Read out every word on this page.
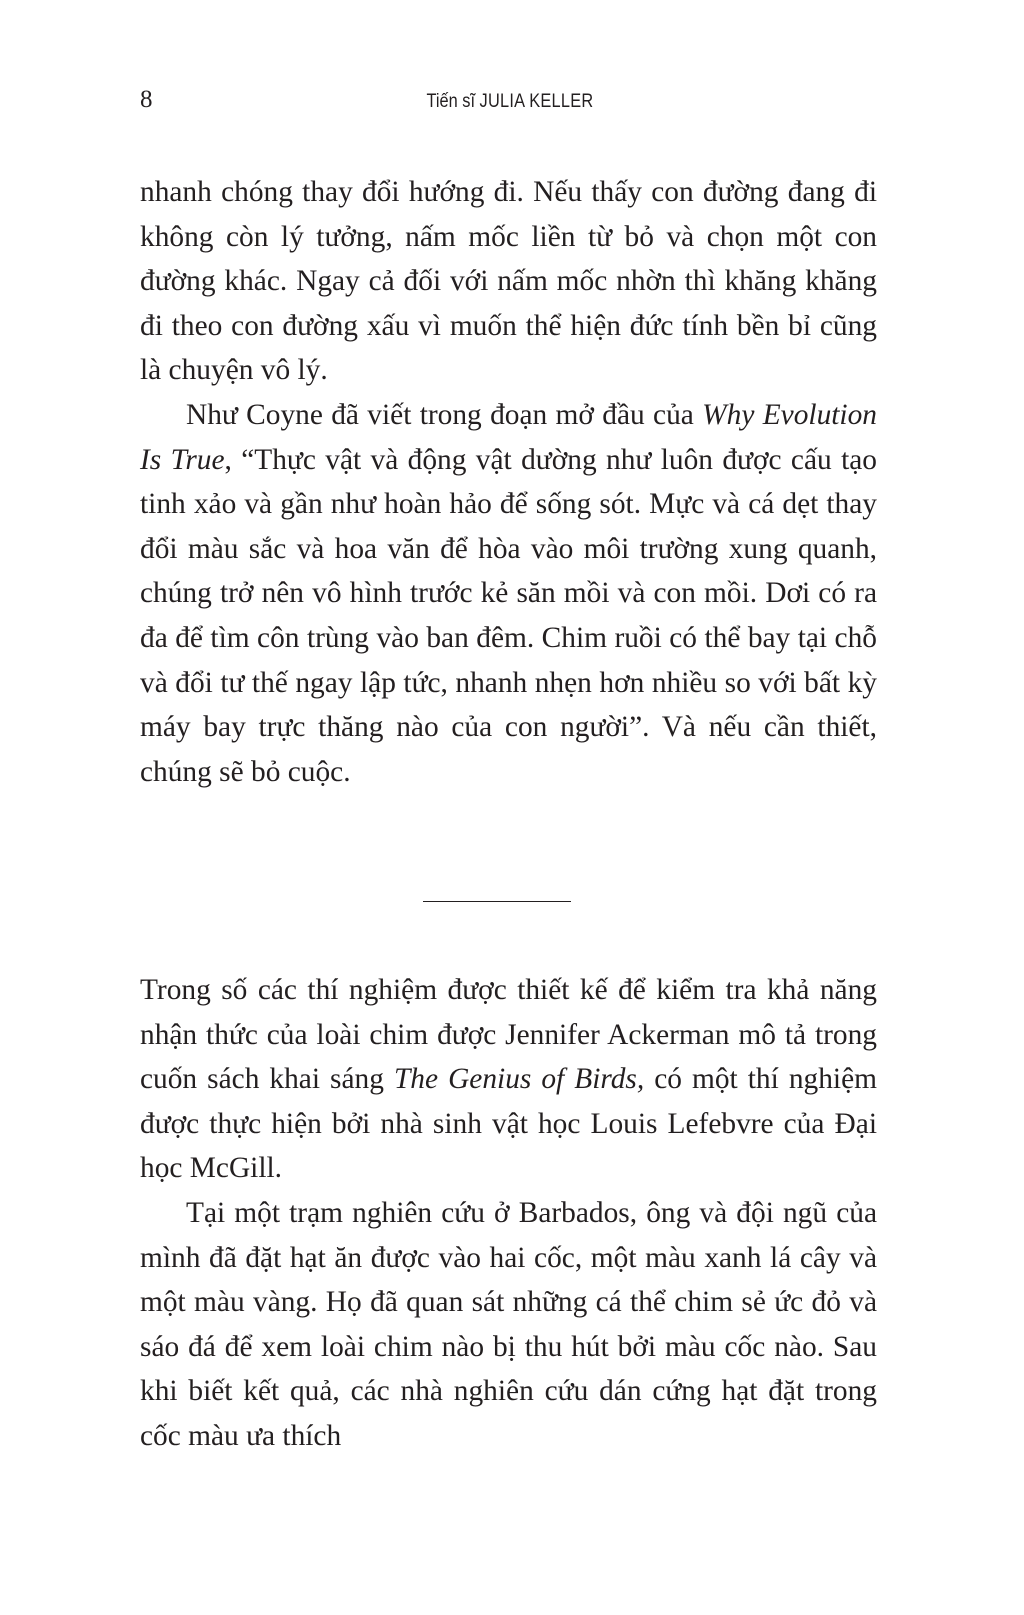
8	Tiến sĩ JULIA KELLER

nhanh chóng thay đổi hướng đi. Nếu thấy con đường đang đi không còn lý tưởng, nấm mốc liền từ bỏ và chọn một con đường khác. Ngay cả đối với nấm mốc nhờn thì khăng khăng đi theo con đường xấu vì muốn thể hiện đức tính bền bỉ cũng là chuyện vô lý.

Như Coyne đã viết trong đoạn mở đầu của Why Evolution Is True, “Thực vật và động vật dường như luôn được cấu tạo tinh xảo và gần như hoàn hảo để sống sót. Mực và cá dẹt thay đổi màu sắc và hoa văn để hòa vào môi trường xung quanh, chúng trở nên vô hình trước kẻ săn mồi và con mồi. Dơi có ra đa để tìm côn trùng vào ban đêm. Chim ruồi có thể bay tại chỗ và đổi tư thế ngay lập tức, nhanh nhẹn hơn nhiều so với bất kỳ máy bay trực thăng nào của con người”. Và nếu cần thiết, chúng sẽ bỏ cuộc.

Trong số các thí nghiệm được thiết kế để kiểm tra khả năng nhận thức của loài chim được Jennifer Ackerman mô tả trong cuốn sách khai sáng The Genius of Birds, có một thí nghiệm được thực hiện bởi nhà sinh vật học Louis Lefebvre của Đại học McGill.

Tại một trạm nghiên cứu ở Barbados, ông và đội ngũ của mình đã đặt hạt ăn được vào hai cốc, một màu xanh lá cây và một màu vàng. Họ đã quan sát những cá thể chim sẻ ức đỏ và sáo đá để xem loài chim nào bị thu hút bởi màu cốc nào. Sau khi biết kết quả, các nhà nghiên cứu dán cứng hạt đặt trong cốc màu ưa thích
